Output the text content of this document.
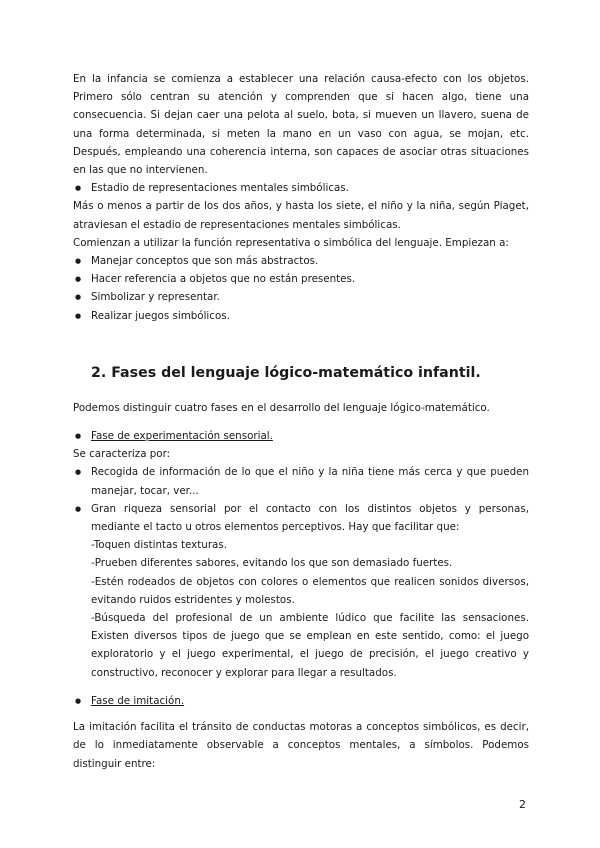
En la infancia se comienza a establecer una relación causa-efecto con los objetos. Primero sólo centran su atención y comprenden que si hacen algo, tiene una consecuencia. Si dejan caer una pelota al suelo, bota, si mueven un llavero, suena de una forma determinada, si meten la mano en un vaso con agua, se mojan, etc. Después, empleando una coherencia interna, son capaces de asociar otras situaciones en las que no intervienen.

● Estadio de representaciones mentales simbólicas.

Más o menos a partir de los dos años, y hasta los siete, el niño y la niña, según Piaget, atraviesan el estadio de representaciones mentales simbólicas.

Comienzan a utilizar la función representativa o simbólica del lenguaje. Empiezan a:

● Manejar conceptos que son más abstractos.
● Hacer referencia a objetos que no están presentes.
● Simbolizar y representar.
● Realizar juegos simbólicos.
2. Fases del lenguaje lógico-matemático infantil.

Podemos distinguir cuatro fases en el desarrollo del lenguaje lógico-matemático.

● Fase de experimentación sensorial.

Se caracteriza por:

● Recogida de información de lo que el niño y la niña tiene más cerca y que pueden manejar, tocar, ver...
● Gran riqueza sensorial por el contacto con los distintos objetos y personas, mediante el tacto u otros elementos perceptivos. Hay que facilitar que:
-Toquen distintas texturas.
-Prueben diferentes sabores, evitando los que son demasiado fuertes.
-Estén rodeados de objetos con colores o elementos que realicen sonidos diversos, evitando ruidos estridentes y molestos.
-Búsqueda del profesional de un ambiente lúdico que facilite las sensaciones. Existen diversos tipos de juego que se emplean en este sentido, como: el juego exploratorio y el juego experimental, el juego de precisión, el juego creativo y constructivo, reconocer y explorar para llegar a resultados.
● Fase de imitación.

La imitación facilita el tránsito de conductas motoras a conceptos simbólicos, es decir, de lo inmediatamente observable a conceptos mentales, a símbolos. Podemos distinguir entre:

2
